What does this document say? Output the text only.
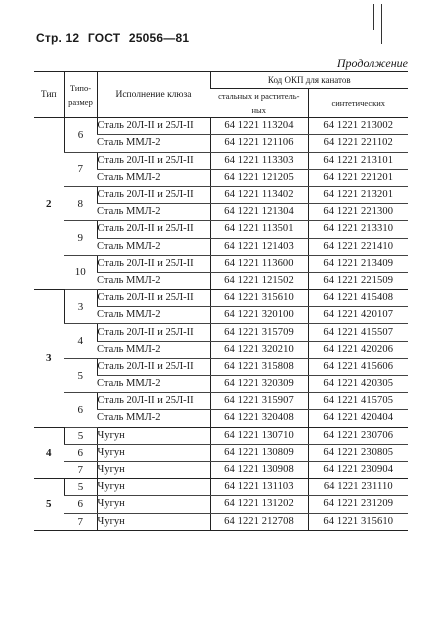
Стр. 12 ГОСТ 25056—81
Продолжение
Тип	Типо-размер	Исполнение клюза	Код ОКП для канатов	
			стальных и раститель-ных	синтетических
2	6	Сталь 20Л-II и 25Л-II	64 1221 113204	64 1221 213002
		Сталь ММЛ-2	64 1221 121106	64 1221 221102
	7	Сталь 20Л-II и 25Л-II	64 1221 113303	64 1221 213101
		Сталь ММЛ-2	64 1221 121205	64 1221 221201
	8	Сталь 20Л-II и 25Л-II	64 1221 113402	64 1221 213201
		Сталь ММЛ-2	64 1221 121304	64 1221 221300
	9	Сталь 20Л-II и 25Л-II	64 1221 113501	64 1221 213310
		Сталь ММЛ-2	64 1221 121403	64 1221 221410
	10	Сталь 20Л-II и 25Л-II	64 1221 113600	64 1221 213409
		Сталь ММЛ-2	64 1221 121502	64 1221 221509
3	3	Сталь 20Л-II и 25Л-II	64 1221 315610	64 1221 415408
		Сталь ММЛ-2	64 1221 320100	64 1221 420107
	4	Сталь 20Л-II и 25Л-II	64 1221 315709	64 1221 415507
		Сталь ММЛ-2	64 1221 320210	64 1221 420206
	5	Сталь 20Л-II и 25Л-II	64 1221 315808	64 1221 415606
		Сталь ММЛ-2	64 1221 320309	64 1221 420305
	6	Сталь 20Л-II и 25Л-II	64 1221 315907	64 1221 415705
		Сталь ММЛ-2	64 1221 320408	64 1221 420404
4	5	Чугун	64 1221 130710	64 1221 230706
	6	Чугун	64 1221 130809	64 1221 230805
	7	Чугун	64 1221 130908	64 1221 230904
5	5	Чугун	64 1221 131103	64 1221 231110
	6	Чугун	64 1221 131202	64 1221 231209
	7	Чугун	64 1221 212708	64 1221 315610
